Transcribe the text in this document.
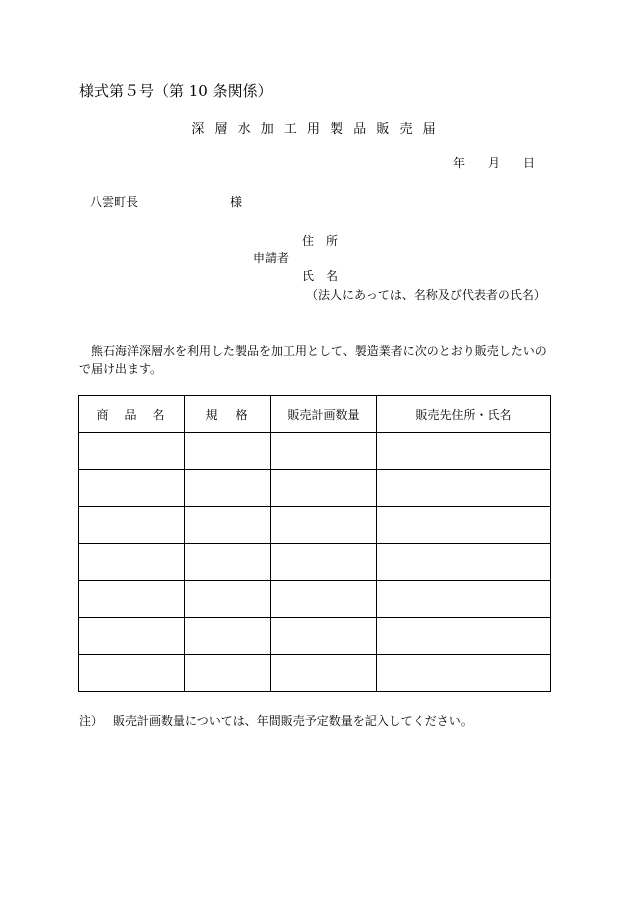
様式第５号（第 10 条関係）
深 層 水 加 工 用 製 品 販 売 届
年 月 日
八雲町長	様
住　所
申請者
氏　名
（法人にあっては、名称及び代表者の氏名）
熊石海洋深層水を利用した製品を加工用として、製造業者に次のとおり販売したいので届け出ます。
商品名	規格	販売計画数量	販売先住所・氏名

注） 販売計画数量については、年間販売予定数量を記入してください。
